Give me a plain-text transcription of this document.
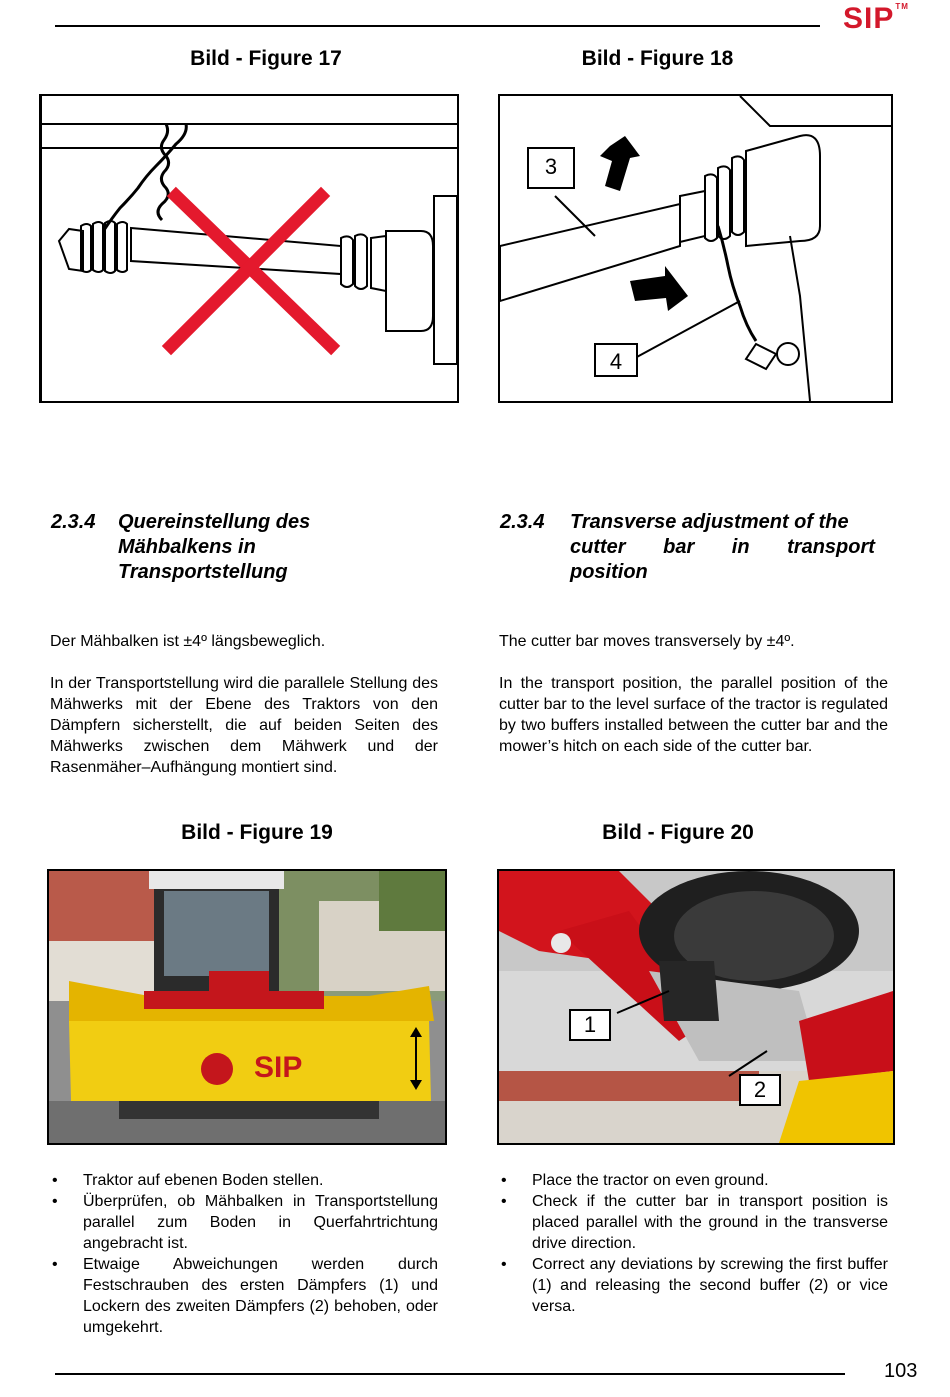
SIP™
Bild - Figure 17	Bild - Figure 18
3
4
2.3.4 Quereinstellung des
Mähbalkens in
Transportstellung
2.3.4 Transverse adjustment of the
cutter bar in transport
position

Der Mähbalken ist ±4º längsbeweglich.

In der Transportstellung wird die parallele Stellung des Mähwerks mit der Ebene des Traktors von den Dämpfern sicherstellt, die auf beiden Seiten des Mähwerks zwischen dem Mähwerk und der Rasenmäher–Aufhängung montiert sind.

The cutter bar moves transversely by ±4º.

In the transport position, the parallel position of the cutter bar to the level surface of the tractor is regulated by two buffers installed between the cutter bar and the mower’s hitch on each side of the cutter bar.

Bild - Figure 19	Bild - Figure 20
SIP
1
2
• Traktor auf ebenen Boden stellen.
• Überprüfen, ob Mähbalken in Transportstellung parallel zum Boden in Querfahrtrichtung angebracht ist.
• Etwaige Abweichungen werden durch Festschrauben des ersten Dämpfers (1) und Lockern des zweiten Dämpfers (2) behoben, oder umgekehrt.
• Place the tractor on even ground.
• Check if the cutter bar in transport position is placed parallel with the ground in the transverse drive direction.
• Correct any deviations by screwing the first buffer (1) and releasing the second buffer (2) or vice versa.
103
